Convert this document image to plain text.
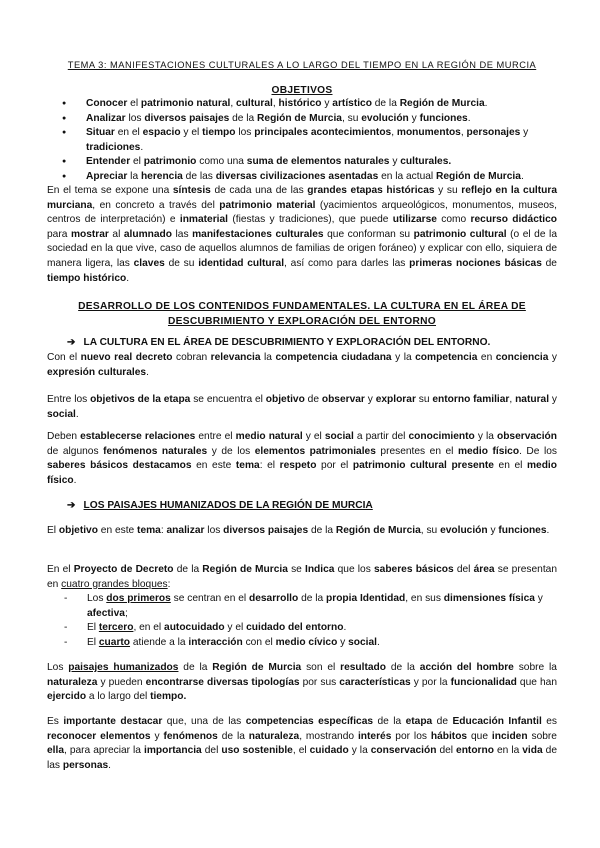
TEMA 3: MANIFESTACIONES CULTURALES A LO LARGO DEL TIEMPO EN LA REGIÓN DE MURCIA
OBJETIVOS
● Conocer el patrimonio natural, cultural, histórico y artístico de la Región de Murcia.
● Analizar los diversos paisajes de la Región de Murcia, su evolución y funciones.
● Situar en el espacio y el tiempo los principales acontecimientos, monumentos, personajes y tradiciones.
● Entender el patrimonio como una suma de elementos naturales y culturales.
● Apreciar la herencia de las diversas civilizaciones asentadas en la actual Región de Murcia.

En el tema se expone una síntesis de cada una de las grandes etapas históricas y su reflejo en la cultura murciana, en concreto a través del patrimonio material (yacimientos arqueológicos, monumentos, museos, centros de interpretación) e inmaterial (fiestas y tradiciones), que puede utilizarse como recurso didáctico para mostrar al alumnado las manifestaciones culturales que conforman su patrimonio cultural (o el de la sociedad en la que vive, caso de aquellos alumnos de familias de origen foráneo) y explicar con ello, siquiera de manera ligera, las claves de su identidad cultural, así como para darles las primeras nociones básicas de tiempo histórico.

DESARROLLO DE LOS CONTENIDOS FUNDAMENTALES. LA CULTURA EN EL ÁREA DE DESCUBRIMIENTO Y EXPLORACIÓN DEL ENTORNO
➔ LA CULTURA EN EL ÁREA DE DESCUBRIMIENTO Y EXPLORACIÓN DEL ENTORNO.

Con el nuevo real decreto cobran relevancia la competencia ciudadana y la competencia en conciencia y expresión culturales.

Entre los objetivos de la etapa se encuentra el objetivo de observar y explorar su entorno familiar, natural y social.

Deben establecerse relaciones entre el medio natural y el social a partir del conocimiento y la observación de algunos fenómenos naturales y de los elementos patrimoniales presentes en el medio físico. De los saberes básicos destacamos en este tema: el respeto por el patrimonio cultural presente en el medio físico.

➔ LOS PAISAJES HUMANIZADOS DE LA REGIÓN DE MURCIA

El objetivo en este tema: analizar los diversos paisajes de la Región de Murcia, su evolución y funciones.

En el Proyecto de Decreto de la Región de Murcia se Indica que los saberes básicos del área se presentan en cuatro grandes bloques:

- Los dos primeros se centran en el desarrollo de la propia Identidad, en sus dimensiones física y afectiva;
- El tercero, en el autocuidado y el cuidado del entorno.
- El cuarto atiende a la interacción con el medio cívico y social.

Los paisajes humanizados de la Región de Murcia son el resultado de la acción del hombre sobre la naturaleza y pueden encontrarse diversas tipologías por sus características y por la funcionalidad que han ejercido a lo largo del tiempo.

Es importante destacar que, una de las competencias específicas de la etapa de Educación Infantil es reconocer elementos y fenómenos de la naturaleza, mostrando interés por los hábitos que inciden sobre ella, para apreciar la importancia del uso sostenible, el cuidado y la conservación del entorno en la vida de las personas.
